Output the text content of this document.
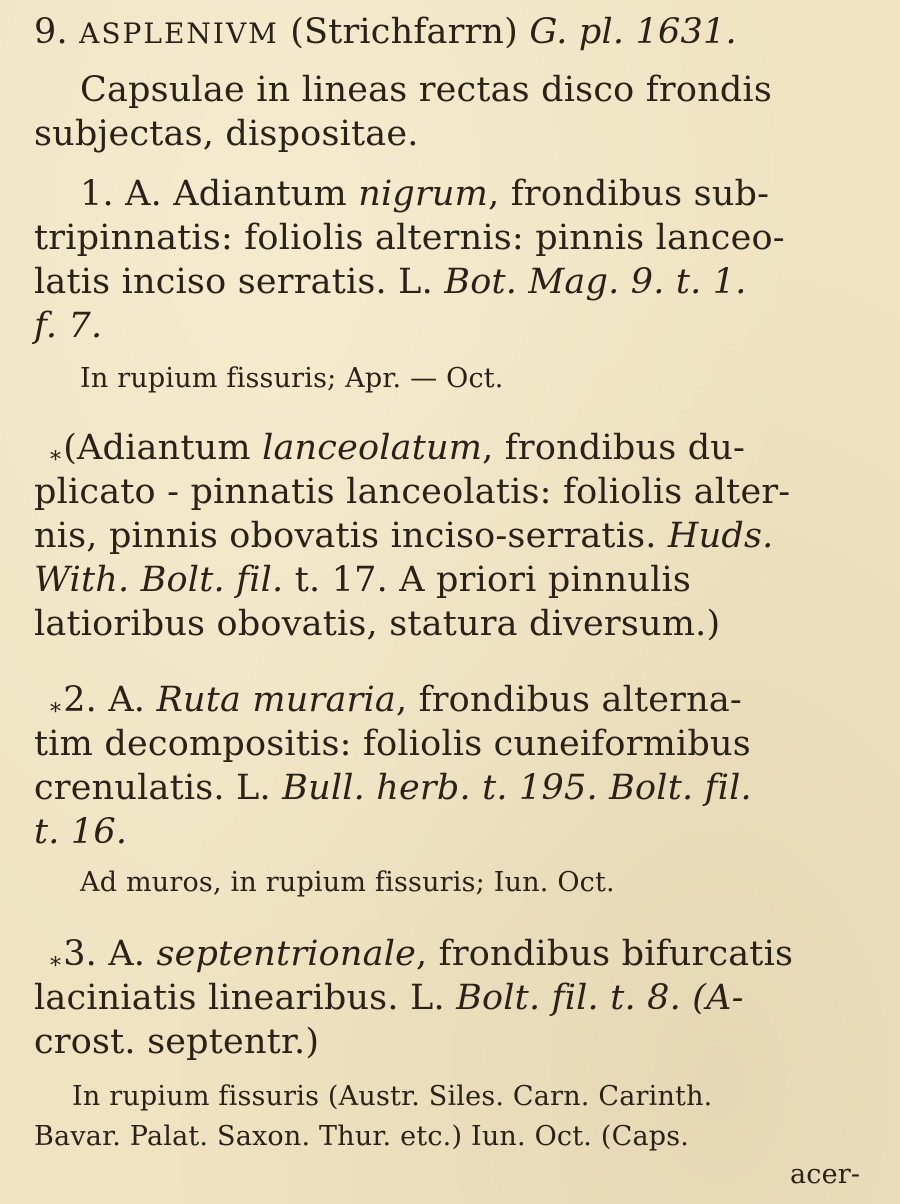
9. ASPLENIVM (Strichfarrn) G. pl. 1631.
Capsulae in lineas rectas disco frondis
subjectas, dispositae.
1. A. Adiantum nigrum, frondibus sub-
tripinnatis: foliolis alternis: pinnis lanceo-
latis inciso serratis. L. Bot. Mag. 9. t. 1.
f. 7.
In rupium fissuris; Apr. — Oct.
$_*$(Adiantum lanceolatum, frondibus du-
plicato - pinnatis lanceolatis: foliolis alter-
nis, pinnis obovatis inciso-serratis. Huds.
With. Bolt. fil. t. 17. A priori pinnulis
latioribus obovatis, statura diversum.)
$_*$2. A. Ruta muraria, frondibus alterna-
tim decompositis: foliolis cuneiformibus
crenulatis. L. Bull. herb. t. 195. Bolt. fil.
t. 16.
Ad muros, in rupium fissuris; Iun. Oct.
$_*$3. A. septentrionale, frondibus bifurcatis
laciniatis linearibus. L. Bolt. fil. t. 8. (A-
crost. septentr.)
In rupium fissuris (Austr. Siles. Carn. Carinth.
Bavar. Palat. Saxon. Thur. etc.) Iun. Oct. (Caps.
acer-
